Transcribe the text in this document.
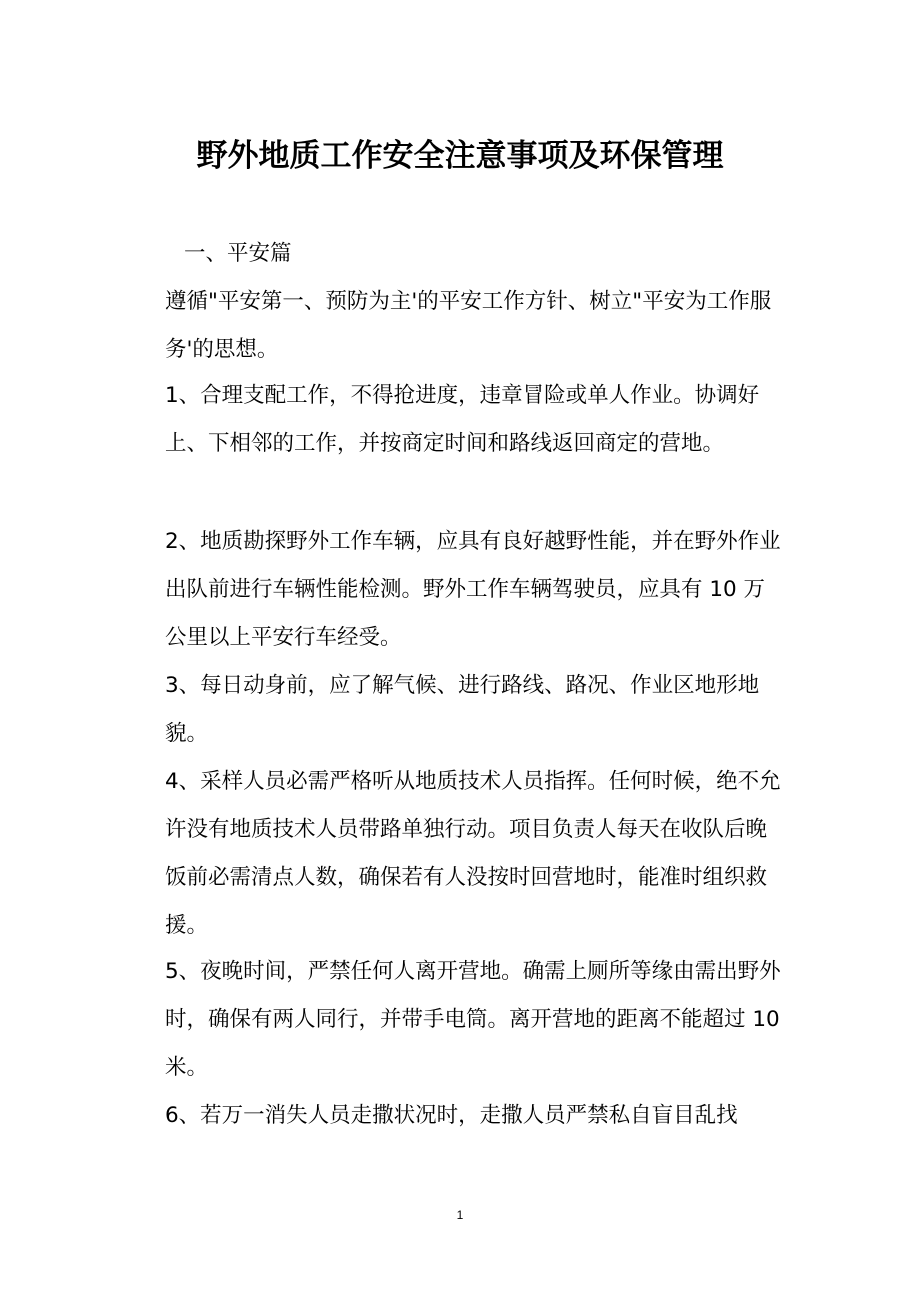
野外地质工作安全注意事项及环保管理

一、平安篇

遵循"平安第一、预防为主'的平安工作方针、树立"平安为工作服务'的思想。

1、合理支配工作，不得抢进度，违章冒险或单人作业。协调好上、下相邻的工作，并按商定时间和路线返回商定的营地。

2、地质勘探野外工作车辆，应具有良好越野性能，并在野外作业出队前进行车辆性能检测。野外工作车辆驾驶员，应具有 10 万公里以上平安行车经受。

3、每日动身前，应了解气候、进行路线、路况、作业区地形地貌。

4、采样人员必需严格听从地质技术人员指挥。任何时候，绝不允许没有地质技术人员带路单独行动。项目负责人每天在收队后晚饭前必需清点人数，确保若有人没按时回营地时，能准时组织救援。

5、夜晚时间，严禁任何人离开营地。确需上厕所等缘由需出野外时，确保有两人同行，并带手电筒。离开营地的距离不能超过 10 米。

6、若万一消失人员走撒状况时，走撒人员严禁私自盲目乱找

1
